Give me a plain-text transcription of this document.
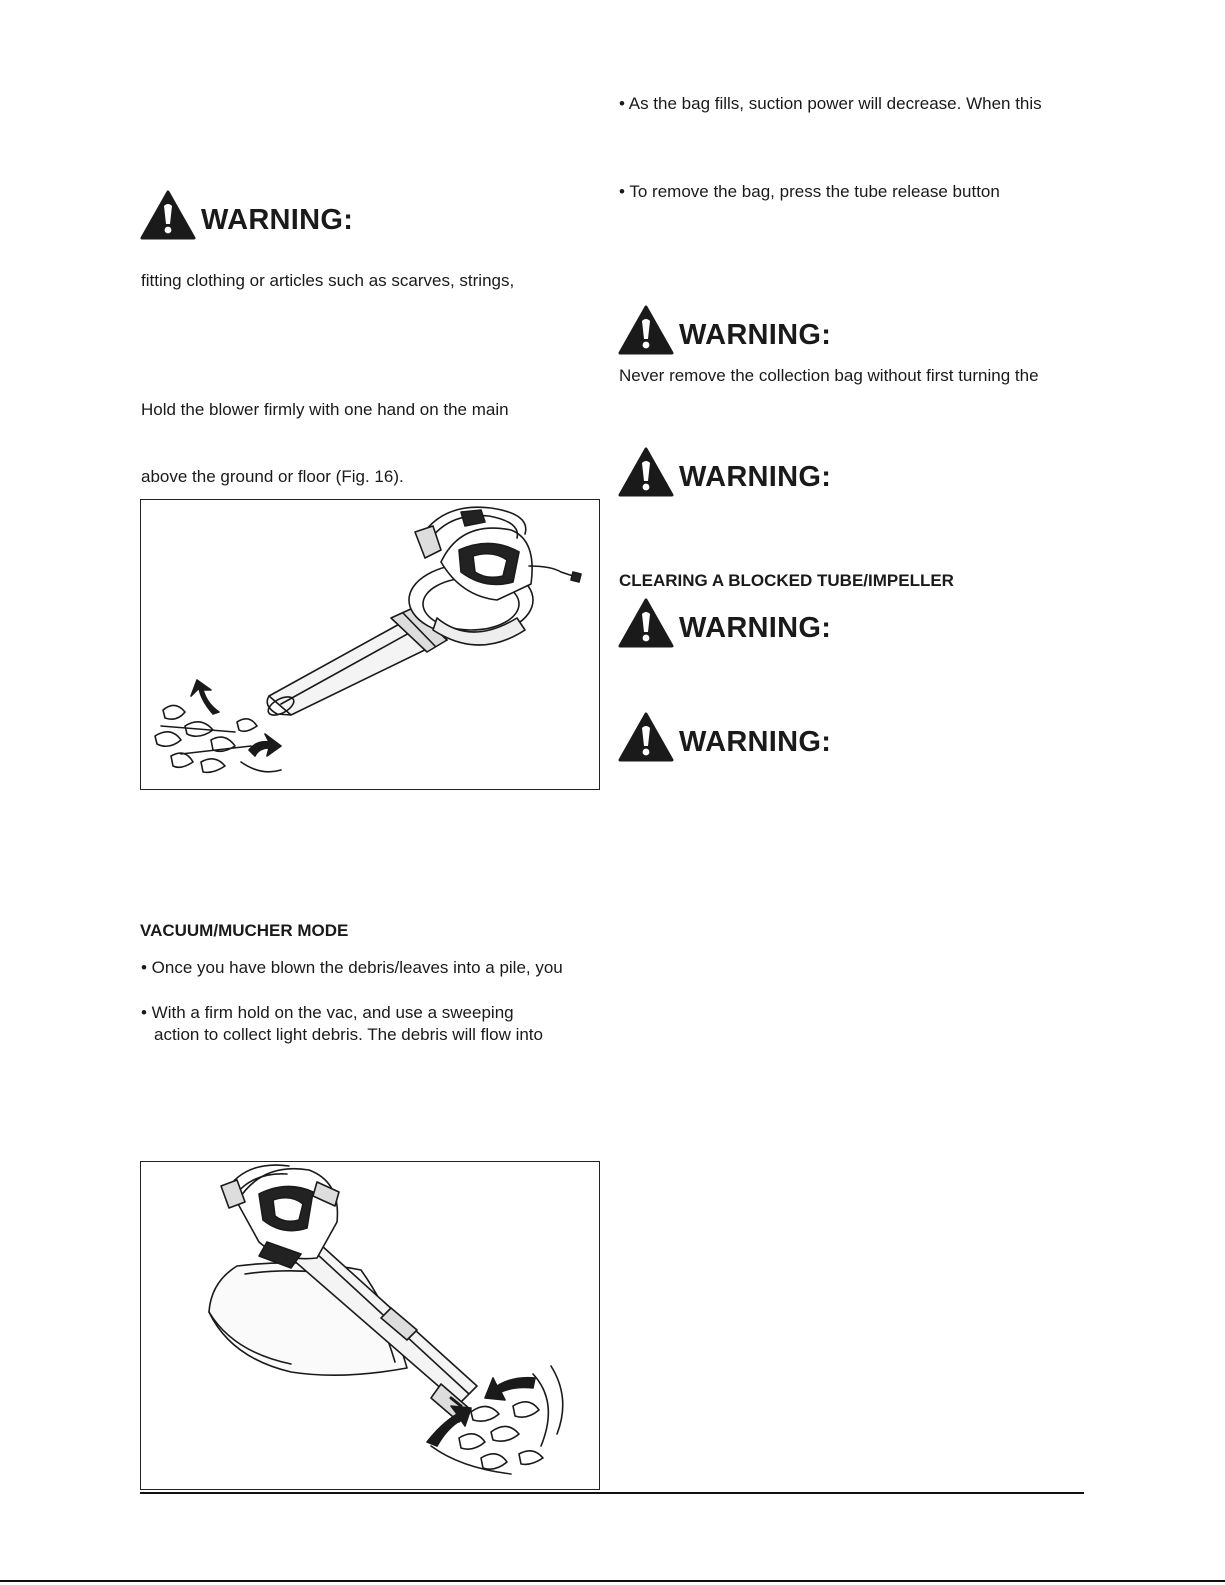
WARNING:
fitting clothing or articles such as scarves, strings,
Hold the blower firmly with one hand on the main
above the ground or floor (Fig. 16).
VACUUM/MUCHER MODE
• Once you have blown the debris/leaves into a pile, you
• With a firm hold on the vac, and use a sweeping
action to collect light debris. The debris will flow into
• As the bag fills, suction power will decrease. When this
• To remove the bag, press the tube release button
WARNING:
Never remove the collection bag without first turning the
WARNING:
CLEARING A BLOCKED TUBE/IMPELLER
WARNING:
WARNING:
